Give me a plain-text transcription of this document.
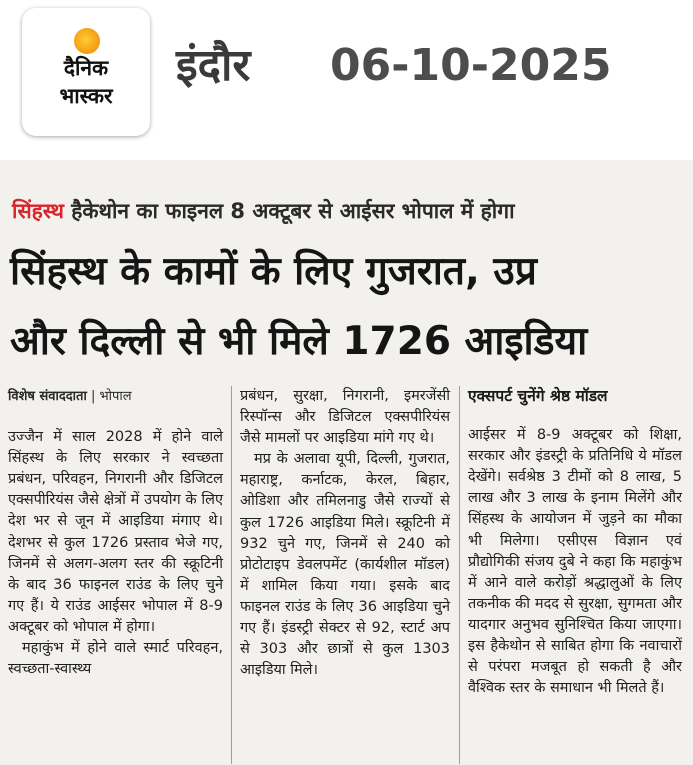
दैनिक
भास्कर
इंदौर 06-10-2025
सिंहस्थ हैकेथोन का फाइनल 8 अक्टूबर से आईसर भोपाल में होगा
सिंहस्थ के कामों के लिए गुजरात, उप्र
और दिल्ली से भी मिले 1726 आइडिया
विशेष संवाददाता | भोपाल

उज्जैन में साल 2028 में होने वाले सिंहस्थ के लिए सरकार ने स्वच्छता प्रबंधन, परिवहन, निगरानी और डिजिटल एक्सपीरियंस जैसे क्षेत्रों में उपयोग के लिए देश भर से जून में आइडिया मंगाए थे। देशभर से कुल 1726 प्रस्ताव भेजे गए, जिनमें से अलग-अलग स्तर की स्क्रूटिनी के बाद 36 फाइनल राउंड के लिए चुने गए हैं। ये राउंड आईसर भोपाल में 8-9 अक्टूबर को भोपाल में होगा।

महाकुंभ में होने वाले स्मार्ट परिवहन, स्वच्छता-स्वास्थ्य

प्रबंधन, सुरक्षा, निगरानी, इमरजेंसी रिस्पॉन्स और डिजिटल एक्सपीरियंस जैसे मामलों पर आइडिया मांगे गए थे।

मप्र के अलावा यूपी, दिल्ली, गुजरात, महाराष्ट्र, कर्नाटक, केरल, बिहार, ओडिशा और तमिलनाडु जैसे राज्यों से कुल 1726 आइडिया मिले। स्क्रूटिनी में 932 चुने गए, जिनमें से 240 को प्रोटोटाइप डेवलपमेंट (कार्यशील मॉडल) में शामिल किया गया। इसके बाद फाइनल राउंड के लिए 36 आइडिया चुने गए हैं। इंडस्ट्री सेक्टर से 92, स्टार्ट अप से 303 और छात्रों से कुल 1303 आइडिया मिले।

एक्सपर्ट चुनेंगे श्रेष्ठ मॉडल

आईसर में 8-9 अक्टूबर को शिक्षा, सरकार और इंडस्ट्री के प्रतिनिधि ये मॉडल देखेंगे। सर्वश्रेष्ठ 3 टीमों को 8 लाख, 5 लाख और 3 लाख के इनाम मिलेंगे और सिंहस्थ के आयोजन में जुड़ने का मौका भी मिलेगा। एसीएस विज्ञान एवं प्रौद्योगिकी संजय दुबे ने कहा कि महाकुंभ में आने वाले करोड़ों श्रद्धालुओं के लिए तकनीक की मदद से सुरक्षा, सुगमता और यादगार अनुभव सुनिश्चित किया जाएगा। इस हैकेथोन से साबित होगा कि नवाचारों से परंपरा मजबूत हो सकती है और वैश्विक स्तर के समाधान भी मिलते हैं।
